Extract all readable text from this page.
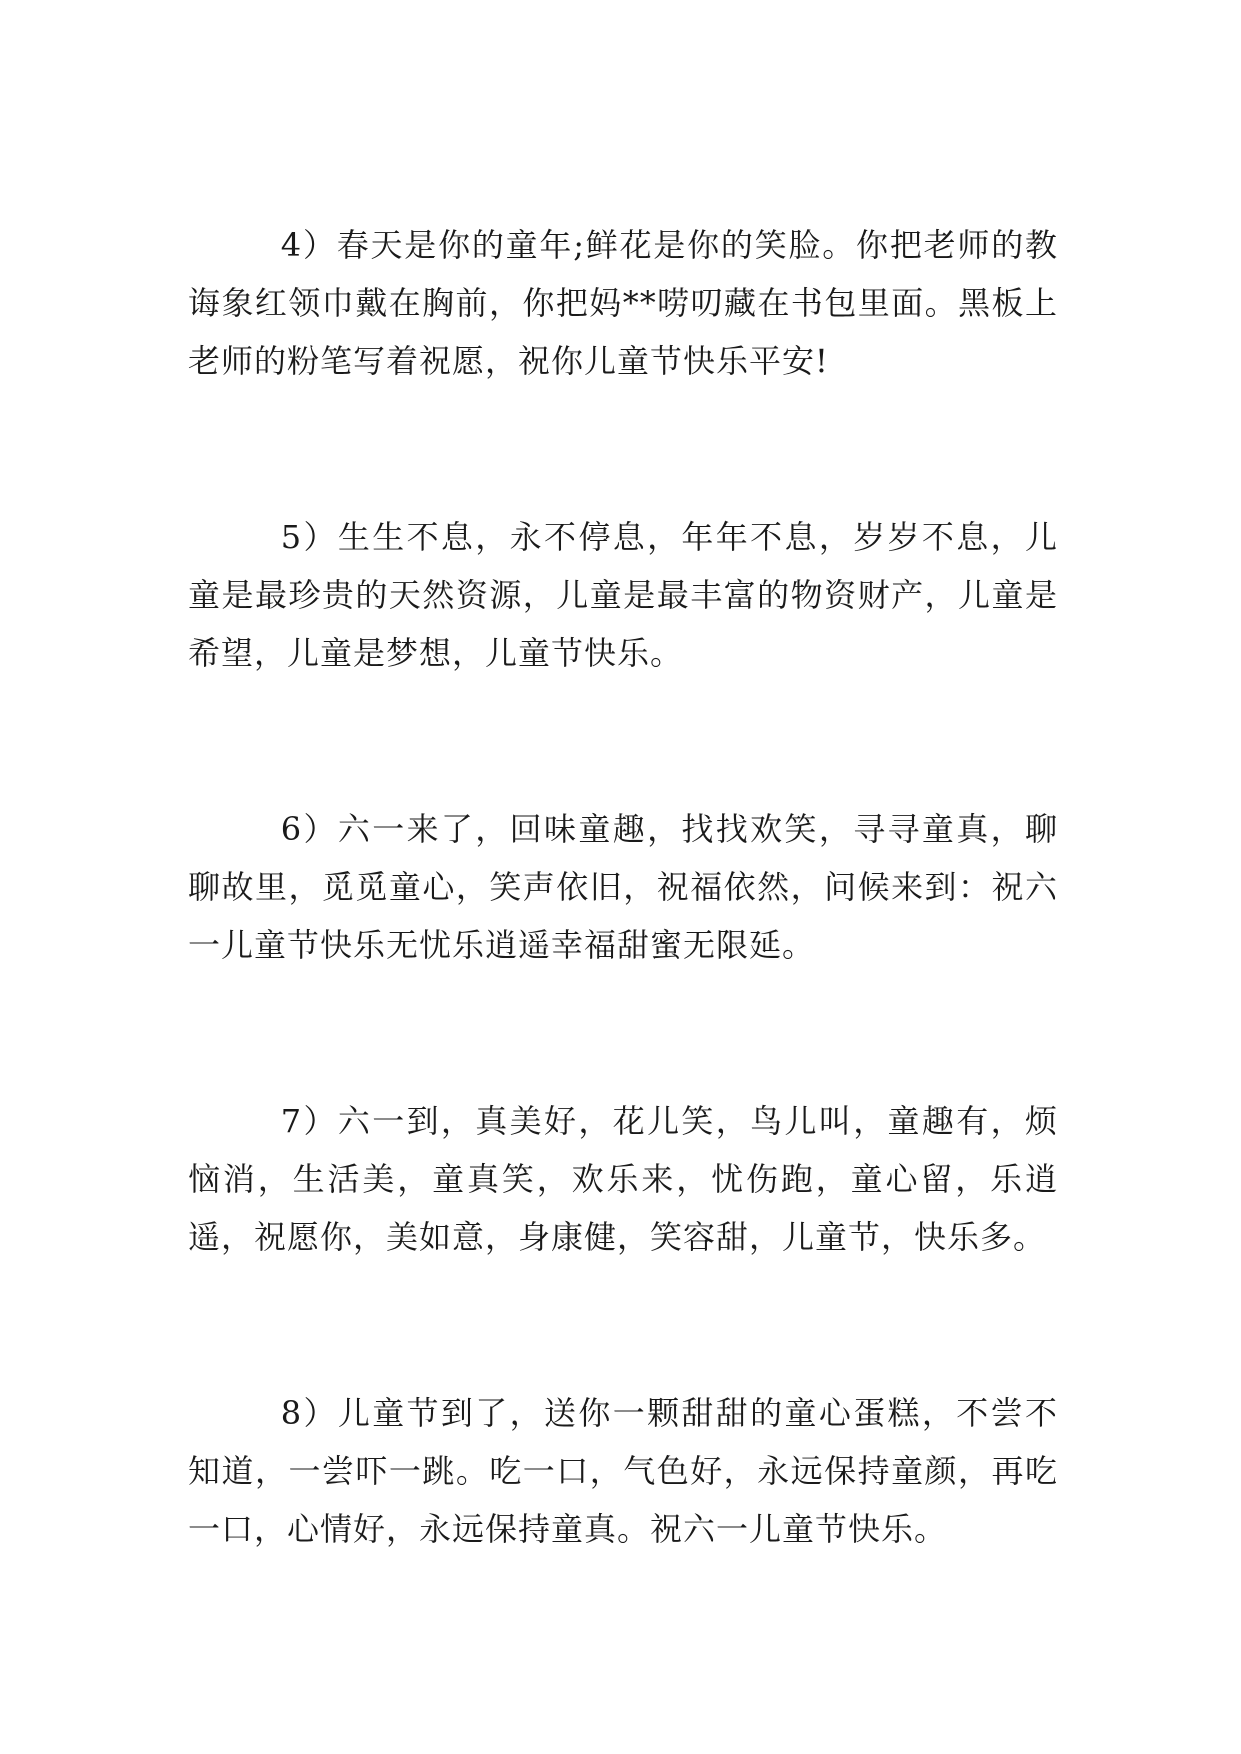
4）春天是你的童年;鲜花是你的笑脸。你把老师的教诲象红领巾戴在胸前，你把妈**唠叨藏在书包里面。黑板上老师的粉笔写着祝愿，祝你儿童节快乐平安!

5）生生不息，永不停息，年年不息，岁岁不息，儿童是最珍贵的天然资源，儿童是最丰富的物资财产，儿童是希望，儿童是梦想，儿童节快乐。

6）六一来了，回味童趣，找找欢笑，寻寻童真，聊聊故里，觅觅童心，笑声依旧，祝福依然，问候来到：祝六一儿童节快乐无忧乐逍遥幸福甜蜜无限延。

7）六一到，真美好，花儿笑，鸟儿叫，童趣有，烦恼消，生活美，童真笑，欢乐来，忧伤跑，童心留，乐逍遥，祝愿你，美如意，身康健，笑容甜，儿童节，快乐多。

8）儿童节到了，送你一颗甜甜的童心蛋糕，不尝不知道，一尝吓一跳。吃一口，气色好，永远保持童颜，再吃一口，心情好，永远保持童真。祝六一儿童节快乐。
